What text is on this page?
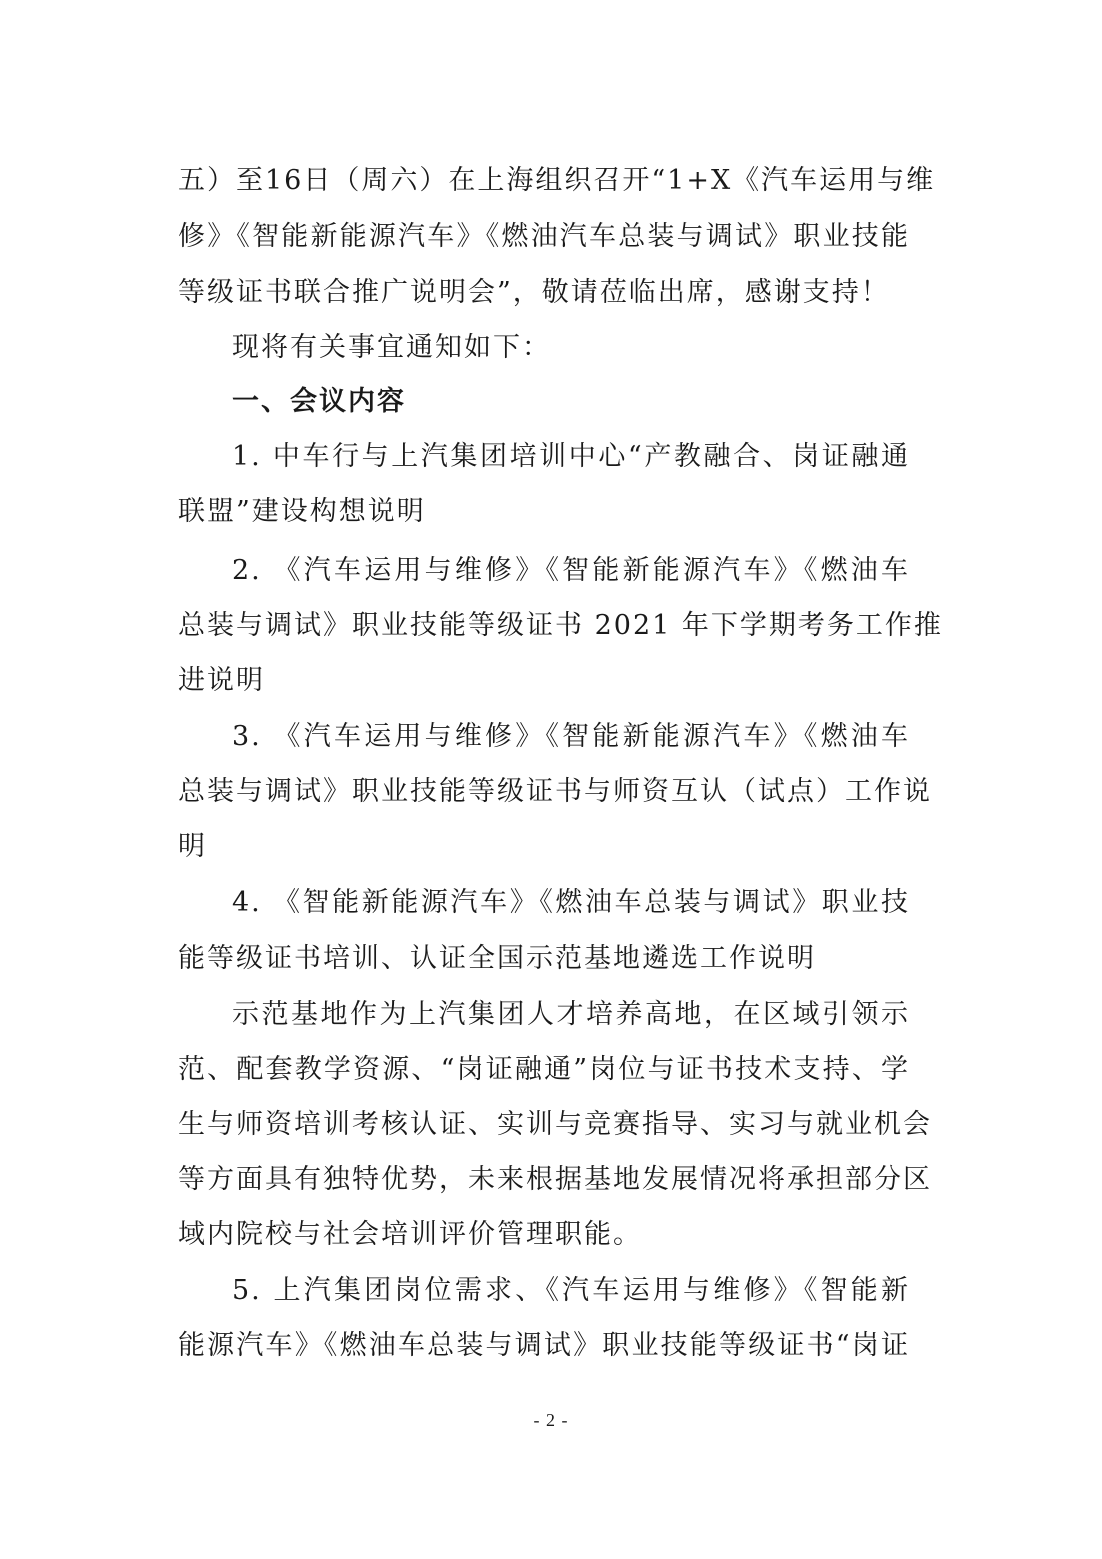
五）至16日（周六）在上海组织召开“1+X《汽车运用与维
修》《智能新能源汽车》《燃油汽车总装与调试》职业技能
等级证书联合推广说明会”，敬请莅临出席，感谢支持！
现将有关事宜通知如下：
一、会议内容
1. 中车行与上汽集团培训中心“产教融合、岗证融通
联盟”建设构想说明
2. 《汽车运用与维修》《智能新能源汽车》《燃油车
总装与调试》职业技能等级证书 2021 年下学期考务工作推
进说明
3. 《汽车运用与维修》《智能新能源汽车》《燃油车
总装与调试》职业技能等级证书与师资互认（试点）工作说
明
4. 《智能新能源汽车》《燃油车总装与调试》职业技
能等级证书培训、认证全国示范基地遴选工作说明
示范基地作为上汽集团人才培养高地，在区域引领示
范、配套教学资源、“岗证融通”岗位与证书技术支持、学
生与师资培训考核认证、实训与竞赛指导、实习与就业机会
等方面具有独特优势，未来根据基地发展情况将承担部分区
域内院校与社会培训评价管理职能。
5. 上汽集团岗位需求、《汽车运用与维修》《智能新
能源汽车》《燃油车总装与调试》职业技能等级证书“岗证
- 2 -
